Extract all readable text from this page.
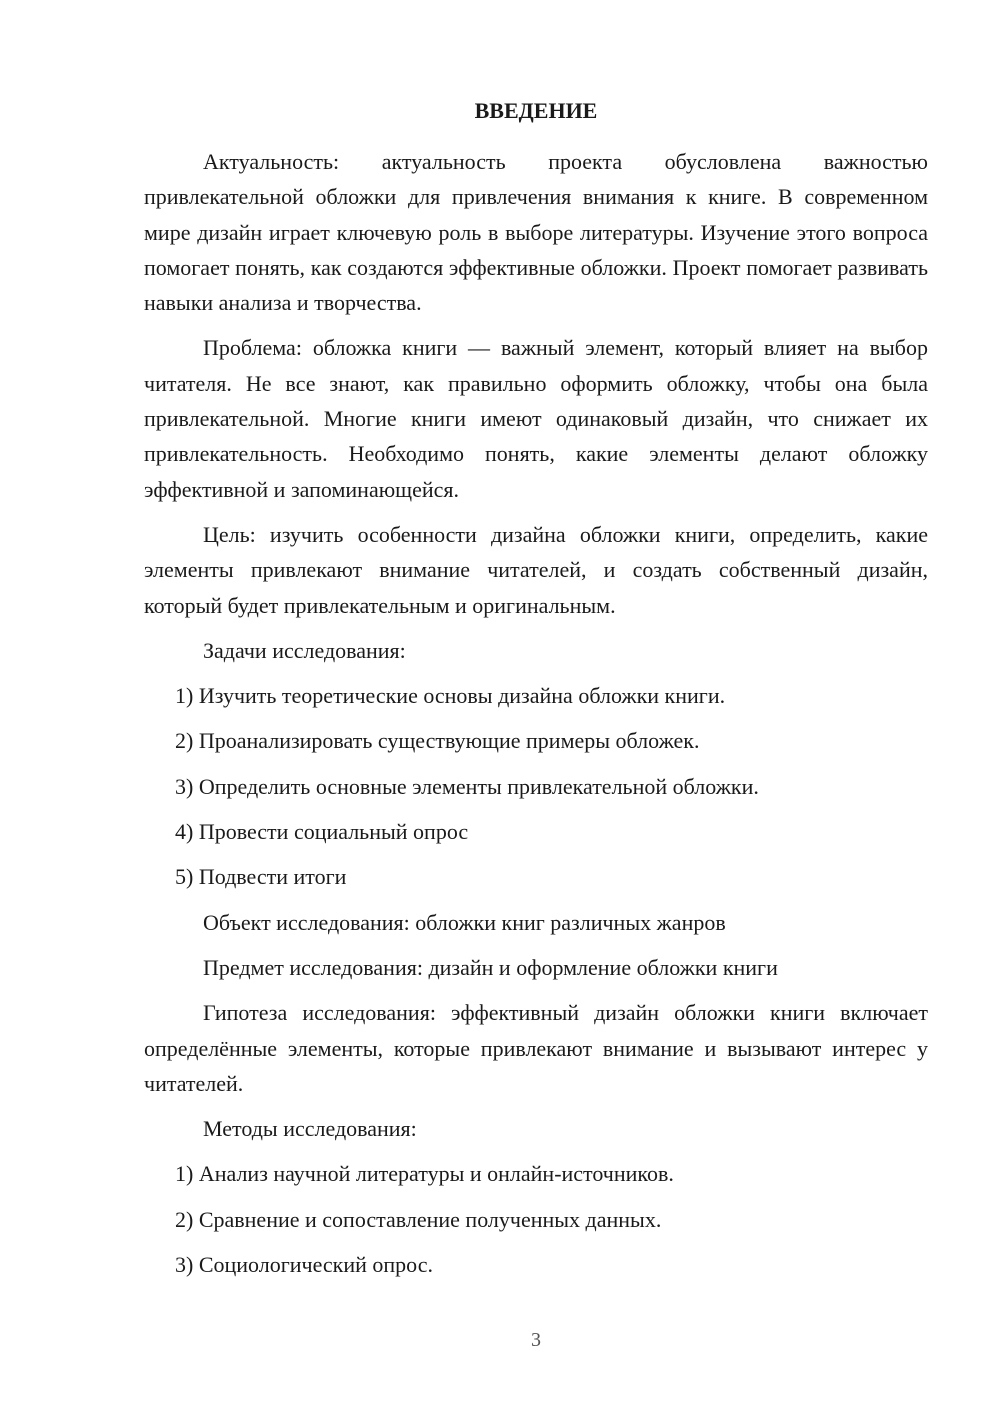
ВВЕДЕНИЕ

Актуальность: актуальность проекта обусловлена важностью привлекательной обложки для привлечения внимания к книге. В современном мире дизайн играет ключевую роль в выборе литературы. Изучение этого вопроса помогает понять, как создаются эффективные обложки. Проект помогает развивать навыки анализа и творчества.

Проблема: обложка книги — важный элемент, который влияет на выбор читателя. Не все знают, как правильно оформить обложку, чтобы она была привлекательной. Многие книги имеют одинаковый дизайн, что снижает их привлекательность. Необходимо понять, какие элементы делают обложку эффективной и запоминающейся.

Цель: изучить особенности дизайна обложки книги, определить, какие элементы привлекают внимание читателей, и создать собственный дизайн, который будет привлекательным и оригинальным.

Задачи исследования:

1) Изучить теоретические основы дизайна обложки книги.

2) Проанализировать существующие примеры обложек.

3) Определить основные элементы привлекательной обложки.

4) Провести социальный опрос

5) Подвести итоги

Объект исследования: обложки книг различных жанров

Предмет исследования: дизайн и оформление обложки книги

Гипотеза исследования: эффективный дизайн обложки книги включает определённые элементы, которые привлекают внимание и вызывают интерес у читателей.

Методы исследования:

1) Анализ научной литературы и онлайн-источников.

2) Сравнение и сопоставление полученных данных.

3) Социологический опрос.

3
